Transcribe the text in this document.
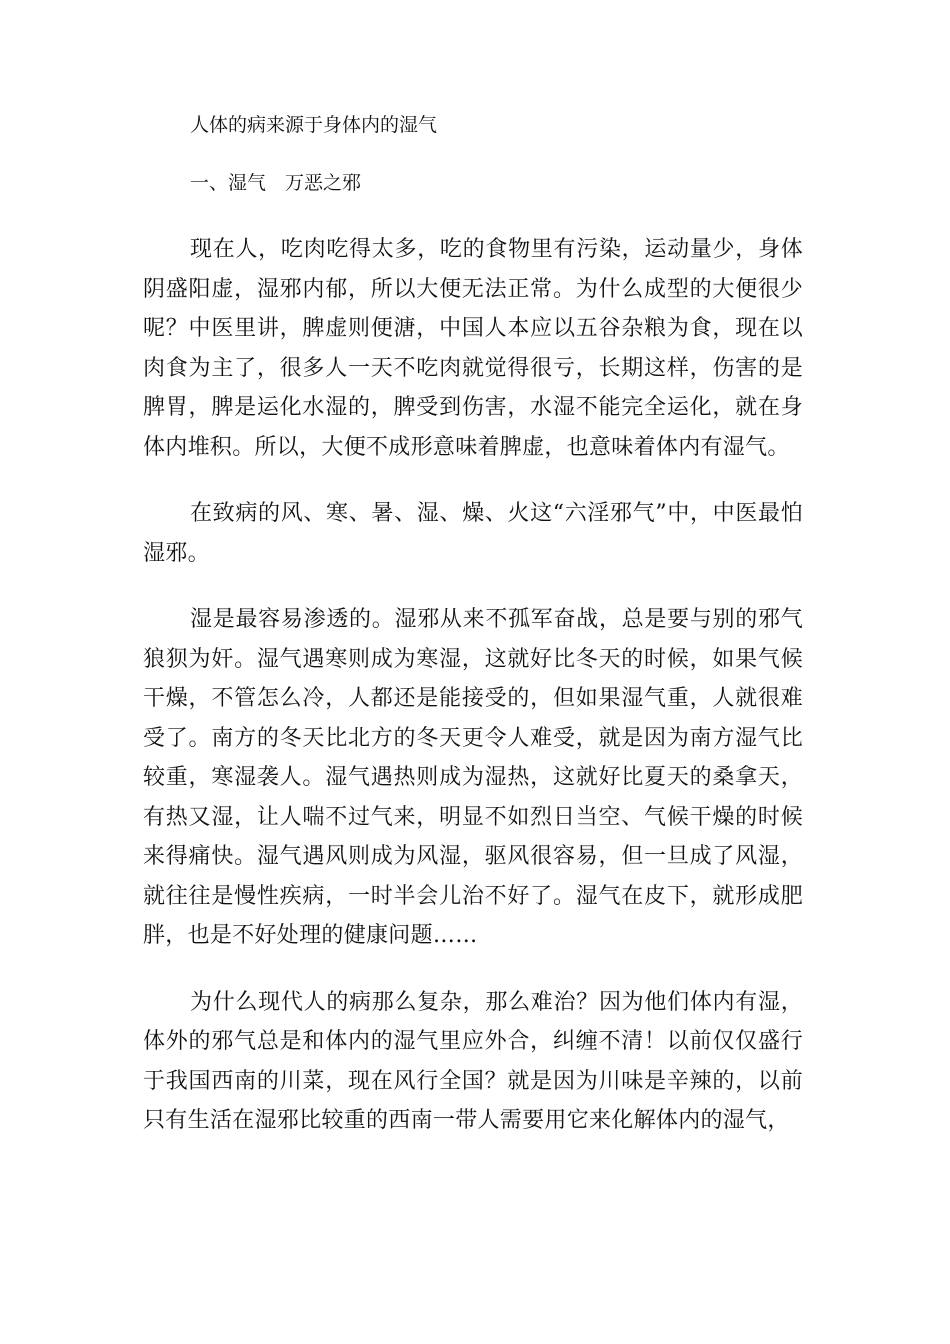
人体的病来源于身体内的湿气
一、湿气　万恶之邪

现在人，吃肉吃得太多，吃的食物里有污染，运动量少，身体阴盛阳虚，湿邪内郁，所以大便无法正常。为什么成型的大便很少呢？中医里讲，脾虚则便溏，中国人本应以五谷杂粮为食，现在以肉食为主了，很多人一天不吃肉就觉得很亏，长期这样，伤害的是脾胃，脾是运化水湿的，脾受到伤害，水湿不能完全运化，就在身体内堆积。所以，大便不成形意味着脾虚，也意味着体内有湿气。

在致病的风、寒、暑、湿、燥、火这“六淫邪气”中，中医最怕湿邪。

湿是最容易渗透的。湿邪从来不孤军奋战，总是要与别的邪气狼狈为奸。湿气遇寒则成为寒湿，这就好比冬天的时候，如果气候干燥，不管怎么冷，人都还是能接受的，但如果湿气重，人就很难受了。南方的冬天比北方的冬天更令人难受，就是因为南方湿气比较重，寒湿袭人。湿气遇热则成为湿热，这就好比夏天的桑拿天，有热又湿，让人喘不过气来，明显不如烈日当空、气候干燥的时候来得痛快。湿气遇风则成为风湿，驱风很容易，但一旦成了风湿，就往往是慢性疾病，一时半会儿治不好了。湿气在皮下，就形成肥胖，也是不好处理的健康问题……

为什么现代人的病那么复杂，那么难治？因为他们体内有湿，体外的邪气总是和体内的湿气里应外合，纠缠不清！以前仅仅盛行于我国西南的川菜，现在风行全国？就是因为川味是辛辣的，以前只有生活在湿邪比较重的西南一带人需要用它来化解体内的湿气，
